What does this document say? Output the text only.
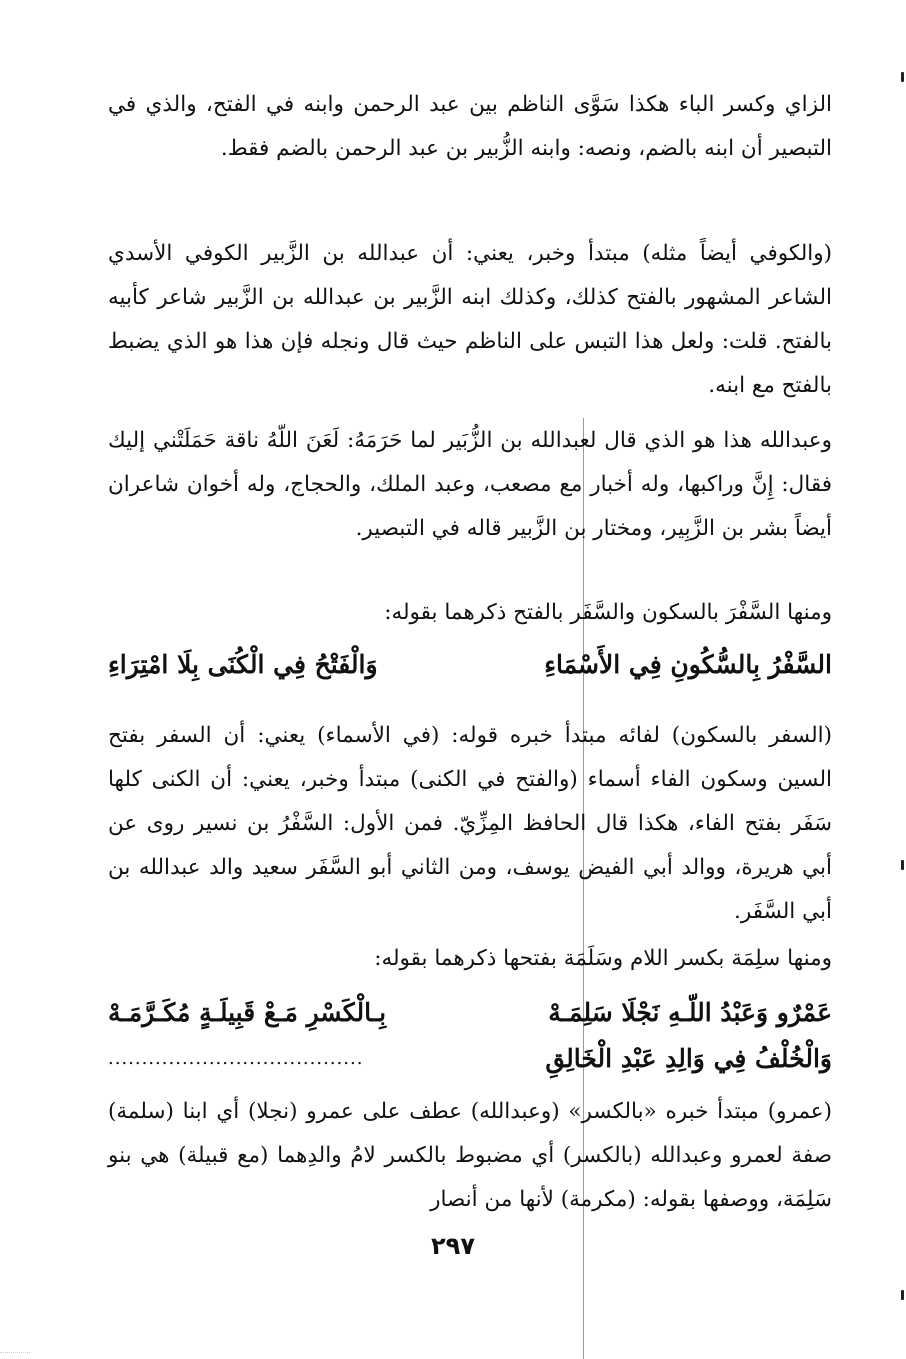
الزاي وكسر الباء هكذا سَوَّى الناظم بين عبد الرحمن وابنه في الفتح، والذي في التبصير أن ابنه بالضم، ونصه: وابنه الزُّبير بن عبد الرحمن بالضم فقط.

(والكوفي أيضاً مثله) مبتدأ وخبر، يعني: أن عبدالله بن الزَّبير الكوفي الأسدي الشاعر المشهور بالفتح كذلك، وكذلك ابنه الزَّبير بن عبدالله بن الزَّبير شاعر كأبيه بالفتح. قلت: ولعل هذا التبس على الناظم حيث قال ونجله فإن هذا هو الذي يضبط بالفتح مع ابنه.

وعبدالله هذا هو الذي قال لعبدالله بن الزُّبَير لما حَرَمَهُ: لَعَنَ اللّهُ ناقة حَمَلَتْني إليك فقال: إِنَّ وراكبها، وله أخبار مع مصعب، وعبد الملك، والحجاج، وله أخوان شاعران أيضاً بشر بن الزَّبِير، ومختار بن الزَّبير قاله في التبصير.

ومنها السَّفْرَ بالسكون والسَّفَر بالفتح ذكرهما بقوله:

السَّفْرُ بِالسُّكُونِ فِي الأَسْمَاءِ
وَالْفَتْحُ فِي الْكُنَى بِلَا امْتِرَاءِ

(السفر بالسكون) لفائه مبتدأ خبره قوله: (في الأسماء) يعني: أن السفر بفتح السين وسكون الفاء أسماء (والفتح في الكنى) مبتدأ وخبر، يعني: أن الكنى كلها سَفَر بفتح الفاء، هكذا قال الحافظ المِزِّيّ. فمن الأول: السَّفْرُ بن نسير روى عن أبي هريرة، ووالد أبي الفيض يوسف، ومن الثاني أبو السَّفَر سعيد والد عبدالله بن أبي السَّفَر.

ومنها سلِمَة بكسر اللام وسَلَمَة بفتحها ذكرهما بقوله:

عَمْرٌو وَعَبْدُ اللّـهِ نَجْلَا سَلِمَـهْ
بِـالْكَسْرِ مَـعْ قَبِيلَـةٍ مُكَـرَّمَـهْ
وَالْخُلْفُ فِي وَالِدِ عَبْدِ الْخَالِقِ
......................................

(عمرو) مبتدأ خبره «بالكسر» (وعبدالله) عطف على عمرو (نجلا) أي ابنا (سلمة) صفة لعمرو وعبدالله (بالكسر) أي مضبوط بالكسر لامُ والدِهما (مع قبيلة) هي بنو سَلِمَة، ووصفها بقوله: (مكرمة) لأنها من أنصار

٢٩٧
